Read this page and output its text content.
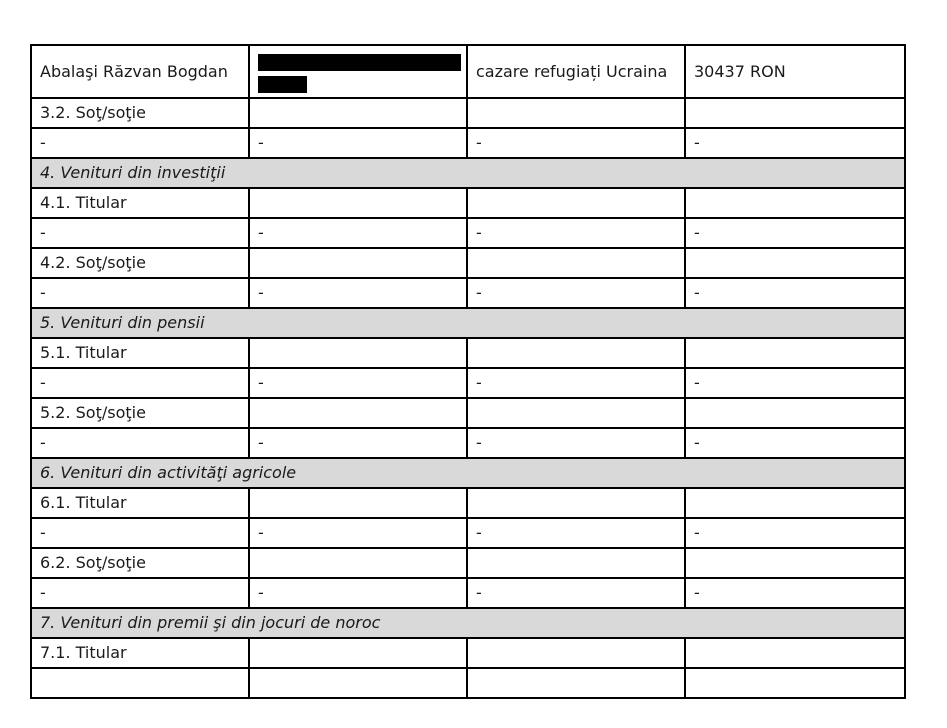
Abalaşi Răzvan Bogdan		cazare refugiați Ucraina	30437 RON
3.2. Soţ/soţie			
-	-	-	-
4. Venituri din investiţii			
4.1. Titular			
-	-	-	-
4.2. Soţ/soţie			
-	-	-	-
5. Venituri din pensii			
5.1. Titular			
-	-	-	-
5.2. Soţ/soţie			
-	-	-	-
6. Venituri din activităţi agricole			
6.1. Titular			
-	-	-	-
6.2. Soţ/soţie			
-	-	-	-
7. Venituri din premii şi din jocuri de noroc			
7.1. Titular			
